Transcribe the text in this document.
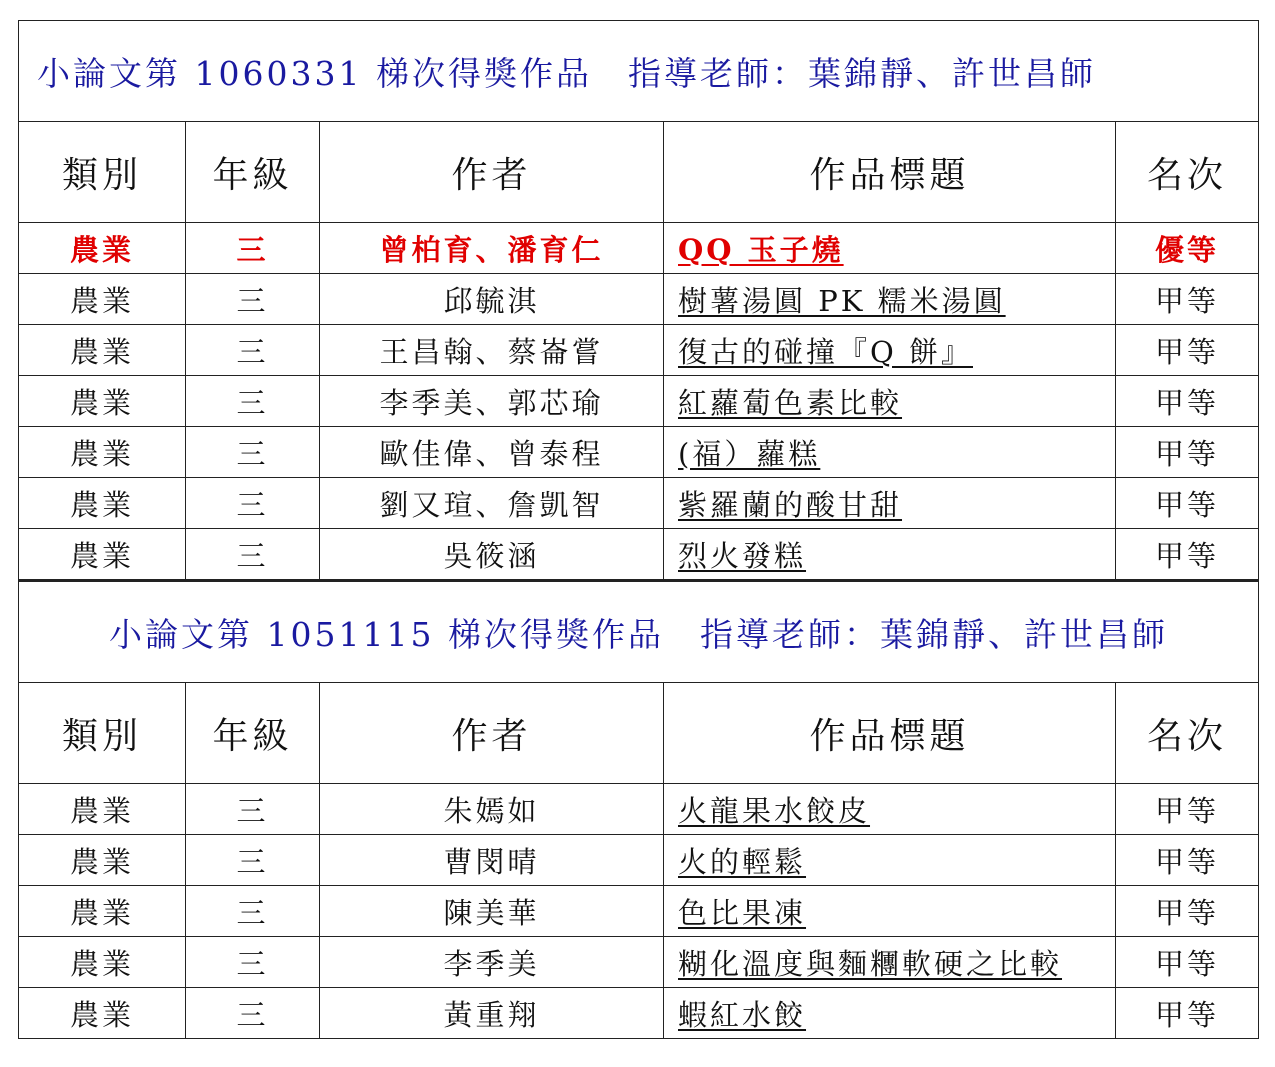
小論文第 1060331 梯次得獎作品　指導老師：葉錦靜、許世昌師				
類別	年級	作者	作品標題	名次
農業	三	曾柏育、潘育仁	QQ 玉子燒	優等
農業	三	邱毓淇	樹薯湯圓 PK 糯米湯圓	甲等
農業	三	王昌翰、蔡崙嘗	復古的碰撞『Q 餅』	甲等
農業	三	李季美、郭芯瑜	紅蘿蔔色素比較	甲等
農業	三	歐佳偉、曾泰程	(福）蘿糕	甲等
農業	三	劉又瑄、詹凱智	紫羅蘭的酸甘甜	甲等
農業	三	吳筱涵	烈火發糕	甲等
小論文第 1051115 梯次得獎作品　指導老師：葉錦靜、許世昌師				
類別	年級	作者	作品標題	名次
農業	三	朱嫣如	火龍果水餃皮	甲等
農業	三	曹閔晴	火的輕鬆	甲等
農業	三	陳美華	色比果凍	甲等
農業	三	李季美	糊化溫度與麵糰軟硬之比較	甲等
農業	三	黃重翔	蝦紅水餃	甲等
